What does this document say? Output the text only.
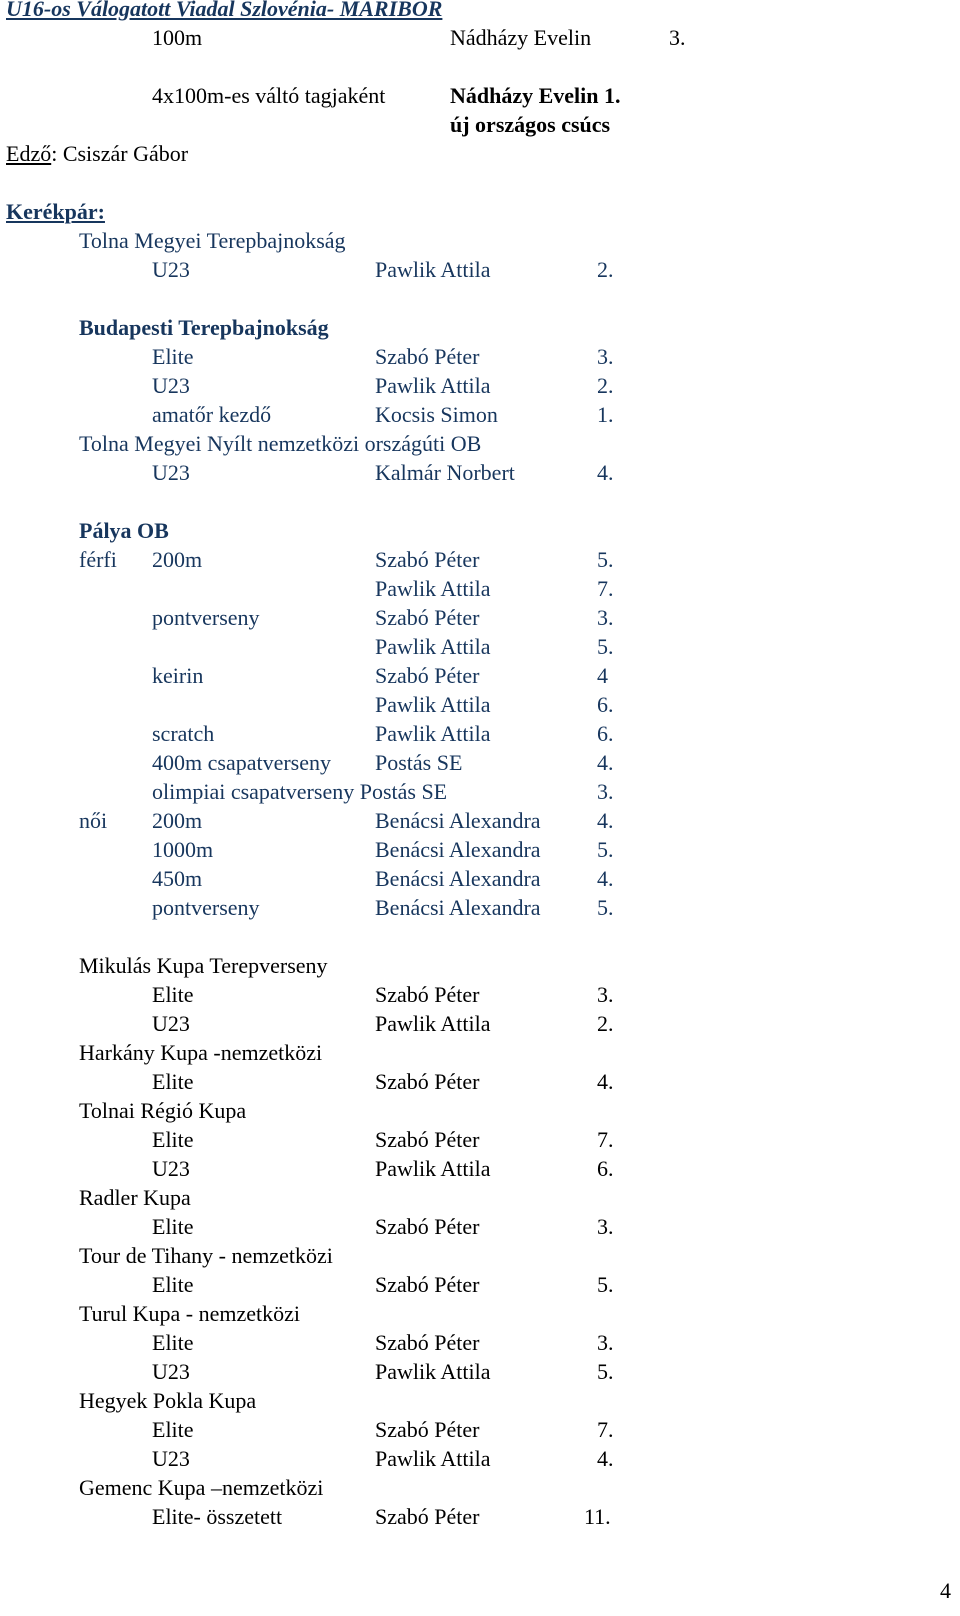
U16-os Válogatott Viadal Szlovénia- MARIBOR
100m	Nádházy Evelin	3.
4x100m-es váltó tagjaként	Nádházy Evelin 1.
új országos csúcs
Edző: Csiszár Gábor
Kerékpár:
Tolna Megyei Terepbajnokság
U23	Pawlik Attila	2.
Budapesti Terepbajnokság
Elite	Szabó Péter	3.
U23	Pawlik Attila	2.
amatőr kezdő	Kocsis Simon	1.
Tolna Megyei Nyílt nemzetközi országúti OB
U23	Kalmár Norbert	4.
Pálya OB
férfi 200m	Szabó Péter	5.
Pawlik Attila	7.
pontverseny	Szabó Péter	3.
Pawlik Attila	5.
keirin	Szabó Péter	4
Pawlik Attila	6.
scratch	Pawlik Attila	6.
400m csapatverseny Postás SE	4.
olimpiai csapatverseny Postás SE	3.
női 200m	Benácsi Alexandra	4.
1000m	Benácsi Alexandra	5.
450m	Benácsi Alexandra	4.
pontverseny	Benácsi Alexandra	5.
Mikulás Kupa Terepverseny
Elite	Szabó Péter	3.
U23	Pawlik Attila	2.
Harkány Kupa -nemzetközi
Elite	Szabó Péter	4.
Tolnai Régió Kupa
Elite	Szabó Péter	7.
U23	Pawlik Attila	6.
Radler Kupa
Elite	Szabó Péter	3.
Tour de Tihany - nemzetközi
Elite	Szabó Péter	5.
Turul Kupa - nemzetközi
Elite	Szabó Péter	3.
U23	Pawlik Attila	5.
Hegyek Pokla Kupa
Elite	Szabó Péter	7.
U23	Pawlik Attila	4.
Gemenc Kupa –nemzetközi
Elite- összetett	Szabó Péter	11.
4
